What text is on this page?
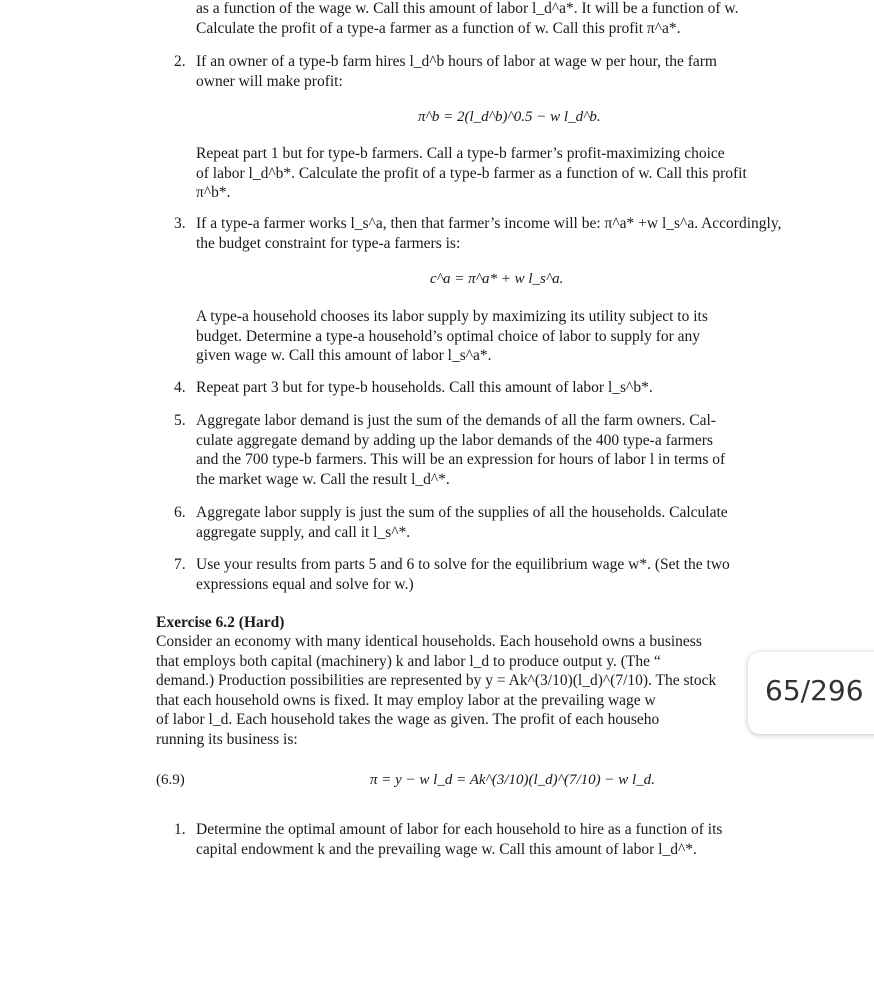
as a function of the wage w. Call this amount of labor l_d^a*. It will be a function of w.
Calculate the profit of a type-a farmer as a function of w. Call this profit π^a*.
2. If an owner of a type-b farm hires l_d^b hours of labor at wage w per hour, the farm
owner will make profit:
π^b = 2(l_d^b)^0.5 − w l_d^b.
Repeat part 1 but for type-b farmers. Call a type-b farmer’s profit-maximizing choice
of labor l_d^b*. Calculate the profit of a type-b farmer as a function of w. Call this profit
π^b*.
3. If a type-a farmer works l_s^a, then that farmer’s income will be: π^a* +w l_s^a. Accordingly,
the budget constraint for type-a farmers is:
c^a = π^a* + w l_s^a.
A type-a household chooses its labor supply by maximizing its utility subject to its
budget. Determine a type-a household’s optimal choice of labor to supply for any
given wage w. Call this amount of labor l_s^a*.
4. Repeat part 3 but for type-b households. Call this amount of labor l_s^b*.
5. Aggregate labor demand is just the sum of the demands of all the farm owners. Cal-
culate aggregate demand by adding up the labor demands of the 400 type-a farmers
and the 700 type-b farmers. This will be an expression for hours of labor l in terms of
the market wage w. Call the result l_d^*.
6. Aggregate labor supply is just the sum of the supplies of all the households. Calculate
aggregate supply, and call it l_s^*.
7. Use your results from parts 5 and 6 to solve for the equilibrium wage w*. (Set the two
expressions equal and solve for w.)
Exercise 6.2 (Hard)
Consider an economy with many identical households. Each household owns a business
that employs both capital (machinery) k and labor l_d to produce output y. (The “
demand.) Production possibilities are represented by y = Ak^(3/10)(l_d)^(7/10). The stock
that each household owns is fixed. It may employ labor at the prevailing wage w
of labor l_d. Each household takes the wage as given. The profit of each househo
running its business is:
(6.9)	π = y − w l_d = Ak^(3/10)(l_d)^(7/10) − w l_d.
1. Determine the optimal amount of labor for each household to hire as a function of its
capital endowment k and the prevailing wage w. Call this amount of labor l_d^*.
65/296
